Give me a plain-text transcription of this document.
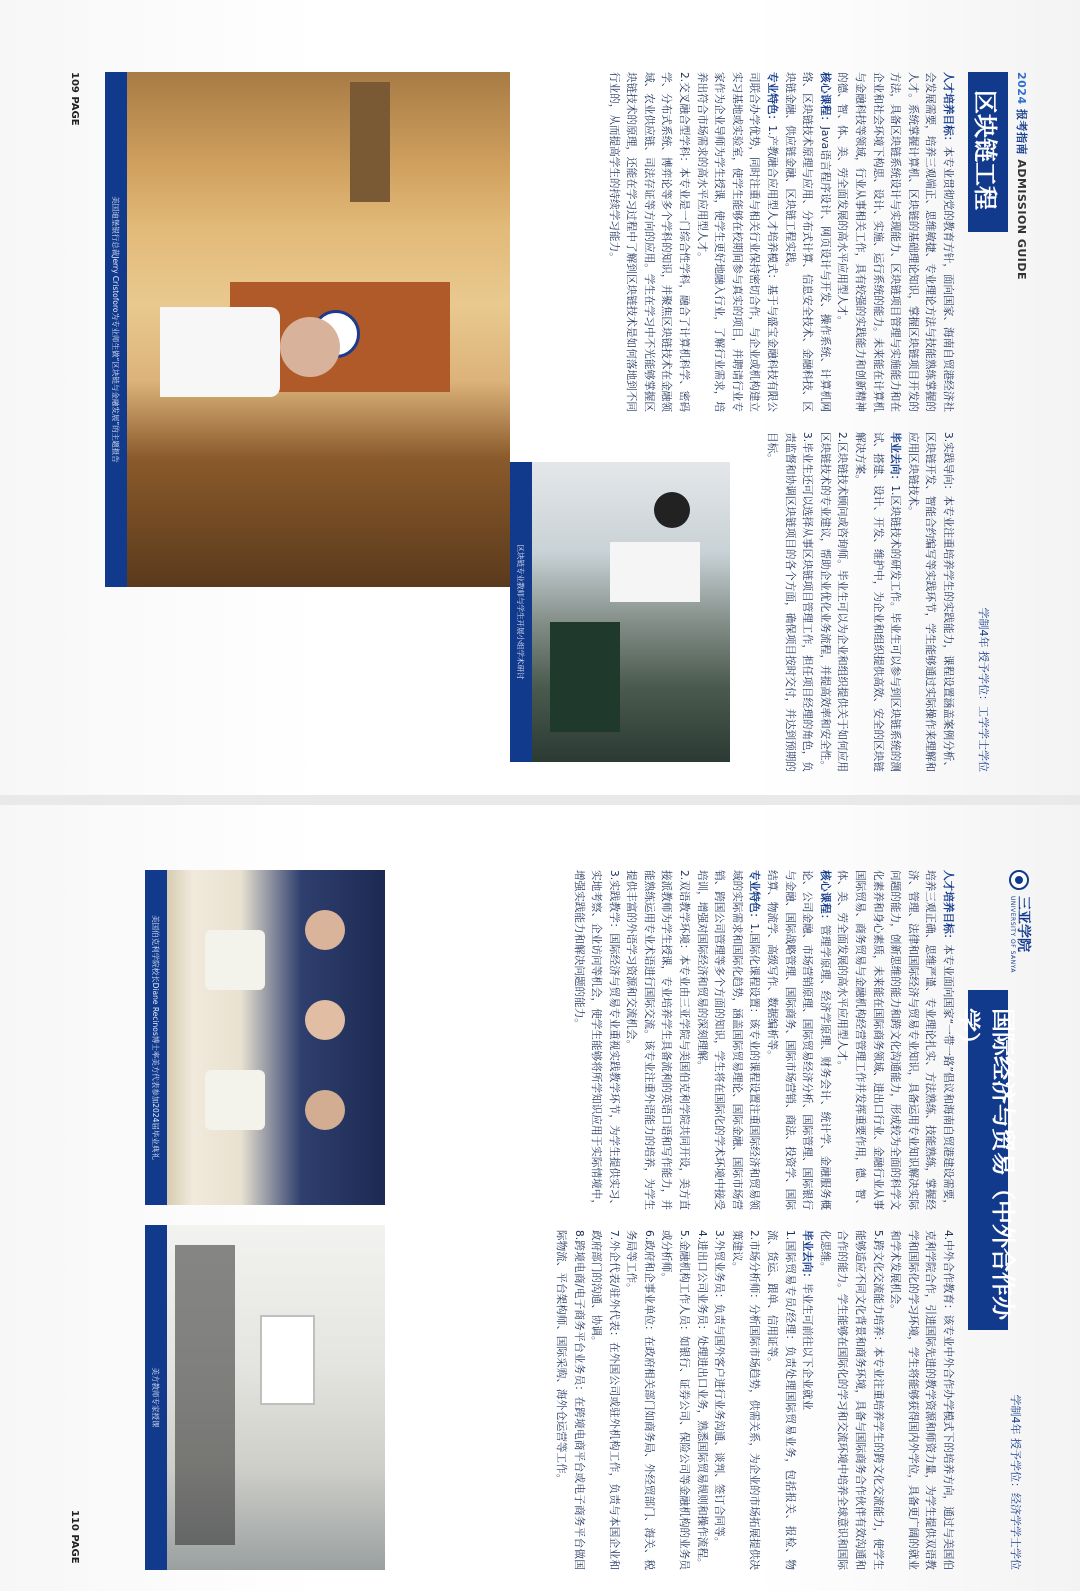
2024 报考指南 ADMISSION GUIDE
区块链工程
学制4年 授予学位：工学学士学位

人才培养目标：本专业贯彻党的教育方针，面向国家、海南自贸港经济社会发展需要，培养三观端正、思维敏捷、专业理论方法与技能熟练掌握的人才。系统掌握计算机、区块链的基础理论知识，掌握区块链项目开发的方法，具备区块链系统设计与实现能力、区块链项目管理与实施能力和在企业和社会环境下构思、设计、实施、运行系统的能力。未来能在计算机与金融科技等领域，行业从事相关工作，具有较强的实践能力和创新精神的德、智、体、美、劳全面发展的高水平应用型人才。

核心课程：Java语言程序设计、网页设计与开发、操作系统、计算机网络、区块链技术原理与应用、分布式计算、信息安全技术、金融科技、区块链金融、供应链金融、区块链工程实践。

专业特色：1.产教融合应用型人才培养模式：基于与盛宝金融科技有限公司联合办学优势，同时注重与相关行业保持密切合作，与企业或机构建立实习基地或实验室，使学生能够在校期间参与真实的项目，并聘请行业专家作为企业导师为学生授课，使学生更好地融入行业，了解行业需求，培养出符合市场需求的高水平应用型人才。

2.交叉融合型学科：本专业是一门综合性学科，融合了计算机科学、密码学、分布式系统、博弈论等多个学科的知识，并聚焦区块链技术在金融领域、农业供应链、司法存证等方向的应用。学生在学习中不光能够掌握区块链技术的原理，还能在学习过程中了解到区块链技术是如何落地到不同行业的，从而提高学生的持续学习能力。

3.实践导向：本专业注重培养学生的实践能力，课程设置涵盖案例分析、区块链开发、智能合约编写等实践环节，学生能够通过实际操作来理解和应用区块链技术。

毕业去向：1.区块链技术的研发工作。毕业生可以参与到区块链系统的测试、搭建、设计、开发、维护中，为企业和组织提供高效、安全的区块链解决方案。

2.区块链技术顾问或咨询师。毕业生可以为企业和组织提供关于如何应用区块链技术的专业建议，帮助企业优化业务流程，并提高效率和安全性。

3.毕业生还可以选择从事区块链项目管理工作，担任项目经理的角色，负责监督和协调区块链项目的各个方面，确保项目按时交付，并达到预期的目标。

区块链专业教师与学生开展小组学术研讨
美国迪堡银行总裁Jerry Cristoforo为专业师生做“区块链与金融发展”的主题报告
109 PAGE
三亚学院
UNIVERSITY OF SANYA
学制4年 授予学位：经济学学士学位
国际经济与贸易（中外合作办学）

人才培养目标：本专业面向国家“一带一路”倡议和海南自贸港建设需要，培养三观正确、思维严谨、专业理论扎实、方法熟练、技能熟练，掌握经济、管理、法律和国际经济与贸易专业知识，具备运用专业知识解决实际问题的能力，创新思维的能力和跨文化沟通能力，形成较为全面的科学文化素养和身心素质，未来能在国际商务领域、进出口行业、金融行业从事国际贸易、商务贸易与金融机构经营管理工作并发挥重要作用，德、智、体、美、劳全面发展的高水平应用型人才。

核心课程：管理学原理、经济学原理、财务会计、统计学、金融服务概论、公司金融、市场营销原理、国际贸易经济分析、国际管理、国际银行与金融、国际战略管理、国际商务、国际市场营销、商法、投资学、国际结算、物流学、高级写作、数据编析等。

专业特色：1.国际化课程设置：该专业的课程设置注重国际经济和贸易领域的实际需求和国际化趋势，涵盖国际贸易理论、国际金融、国际市场营销、跨国公司管理等多个方面的知识，学生将在国际化的学术环境中接受培训，增强对国际经济和贸易的深刻理解。

2.双语教学环境：本专业由三亚学院与美国伯克利学院共同开设，美方直接派教师为学生授课，专业培养学生具备流利的英语口语和写作能力，并能熟练运用专业术语进行国际交流。该专业注重外语能力的培养，为学生提供丰富的外语学习资源和交流机会。

3.实践教学：国际经济与贸易专业重视实践教学环节，为学生提供实习、实地考察、企业访问等机会，使学生能够将所学知识应用于实际情境中，增强实践能力和解决问题的能力。

4.中外合作教育：该专业中外合作办学模式下的培养方向，通过与美国伯克利学院合作，引进国际先进的教学资源和师资力量，为学生提供双语教学和国际化的学习环境，学生将能够获得国内外学位，具备更广阔的就业和学术发展机会。

5.跨文化交流能力培养：本专业注重培养学生的跨文化交流能力，使学生能够适应不同文化背景和商务环境，具备与国际商务合作伙伴有效沟通和合作的能力。学生能够在国际化的学习和交流环境中培养全球意识和国际化思维。

毕业去向：毕业生可前往以下企业就业

1.国际贸易专员/经理：负责处理国际贸易业务，包括报关、报检、物流、货运、跟单、信用证等。

2.市场分析师：分析国际市场趋势，供需关系，为企业的市场拓展提供决策建议。

3.外贸业务员：负责与国外客户进行业务沟通、谈判、签订合同等。

4.进出口公司业务员：处理进出口业务，熟悉国际贸易规则和操作流程。

5.金融机构工作人员：如银行、证券公司、保险公司等金融机构的业务员或分析师。

6.政府和企事业单位：在政府相关部门如商务局、外经贸部门、海关、税务局等工作。

7.外企代表/驻外代表：在外国公司或驻外机构工作，负责与本国企业和政府部门的沟通、协调。

8.跨境电商/电子商务平台业务员：在跨境电商平台或电子商务平台做国际物流、平台架构师、国际采购、海外仓运营等工作。

美国伯克利学院校长Diane Recinos博士率美方代表参加2024届毕业典礼
美方教师专家授课
110 PAGE
